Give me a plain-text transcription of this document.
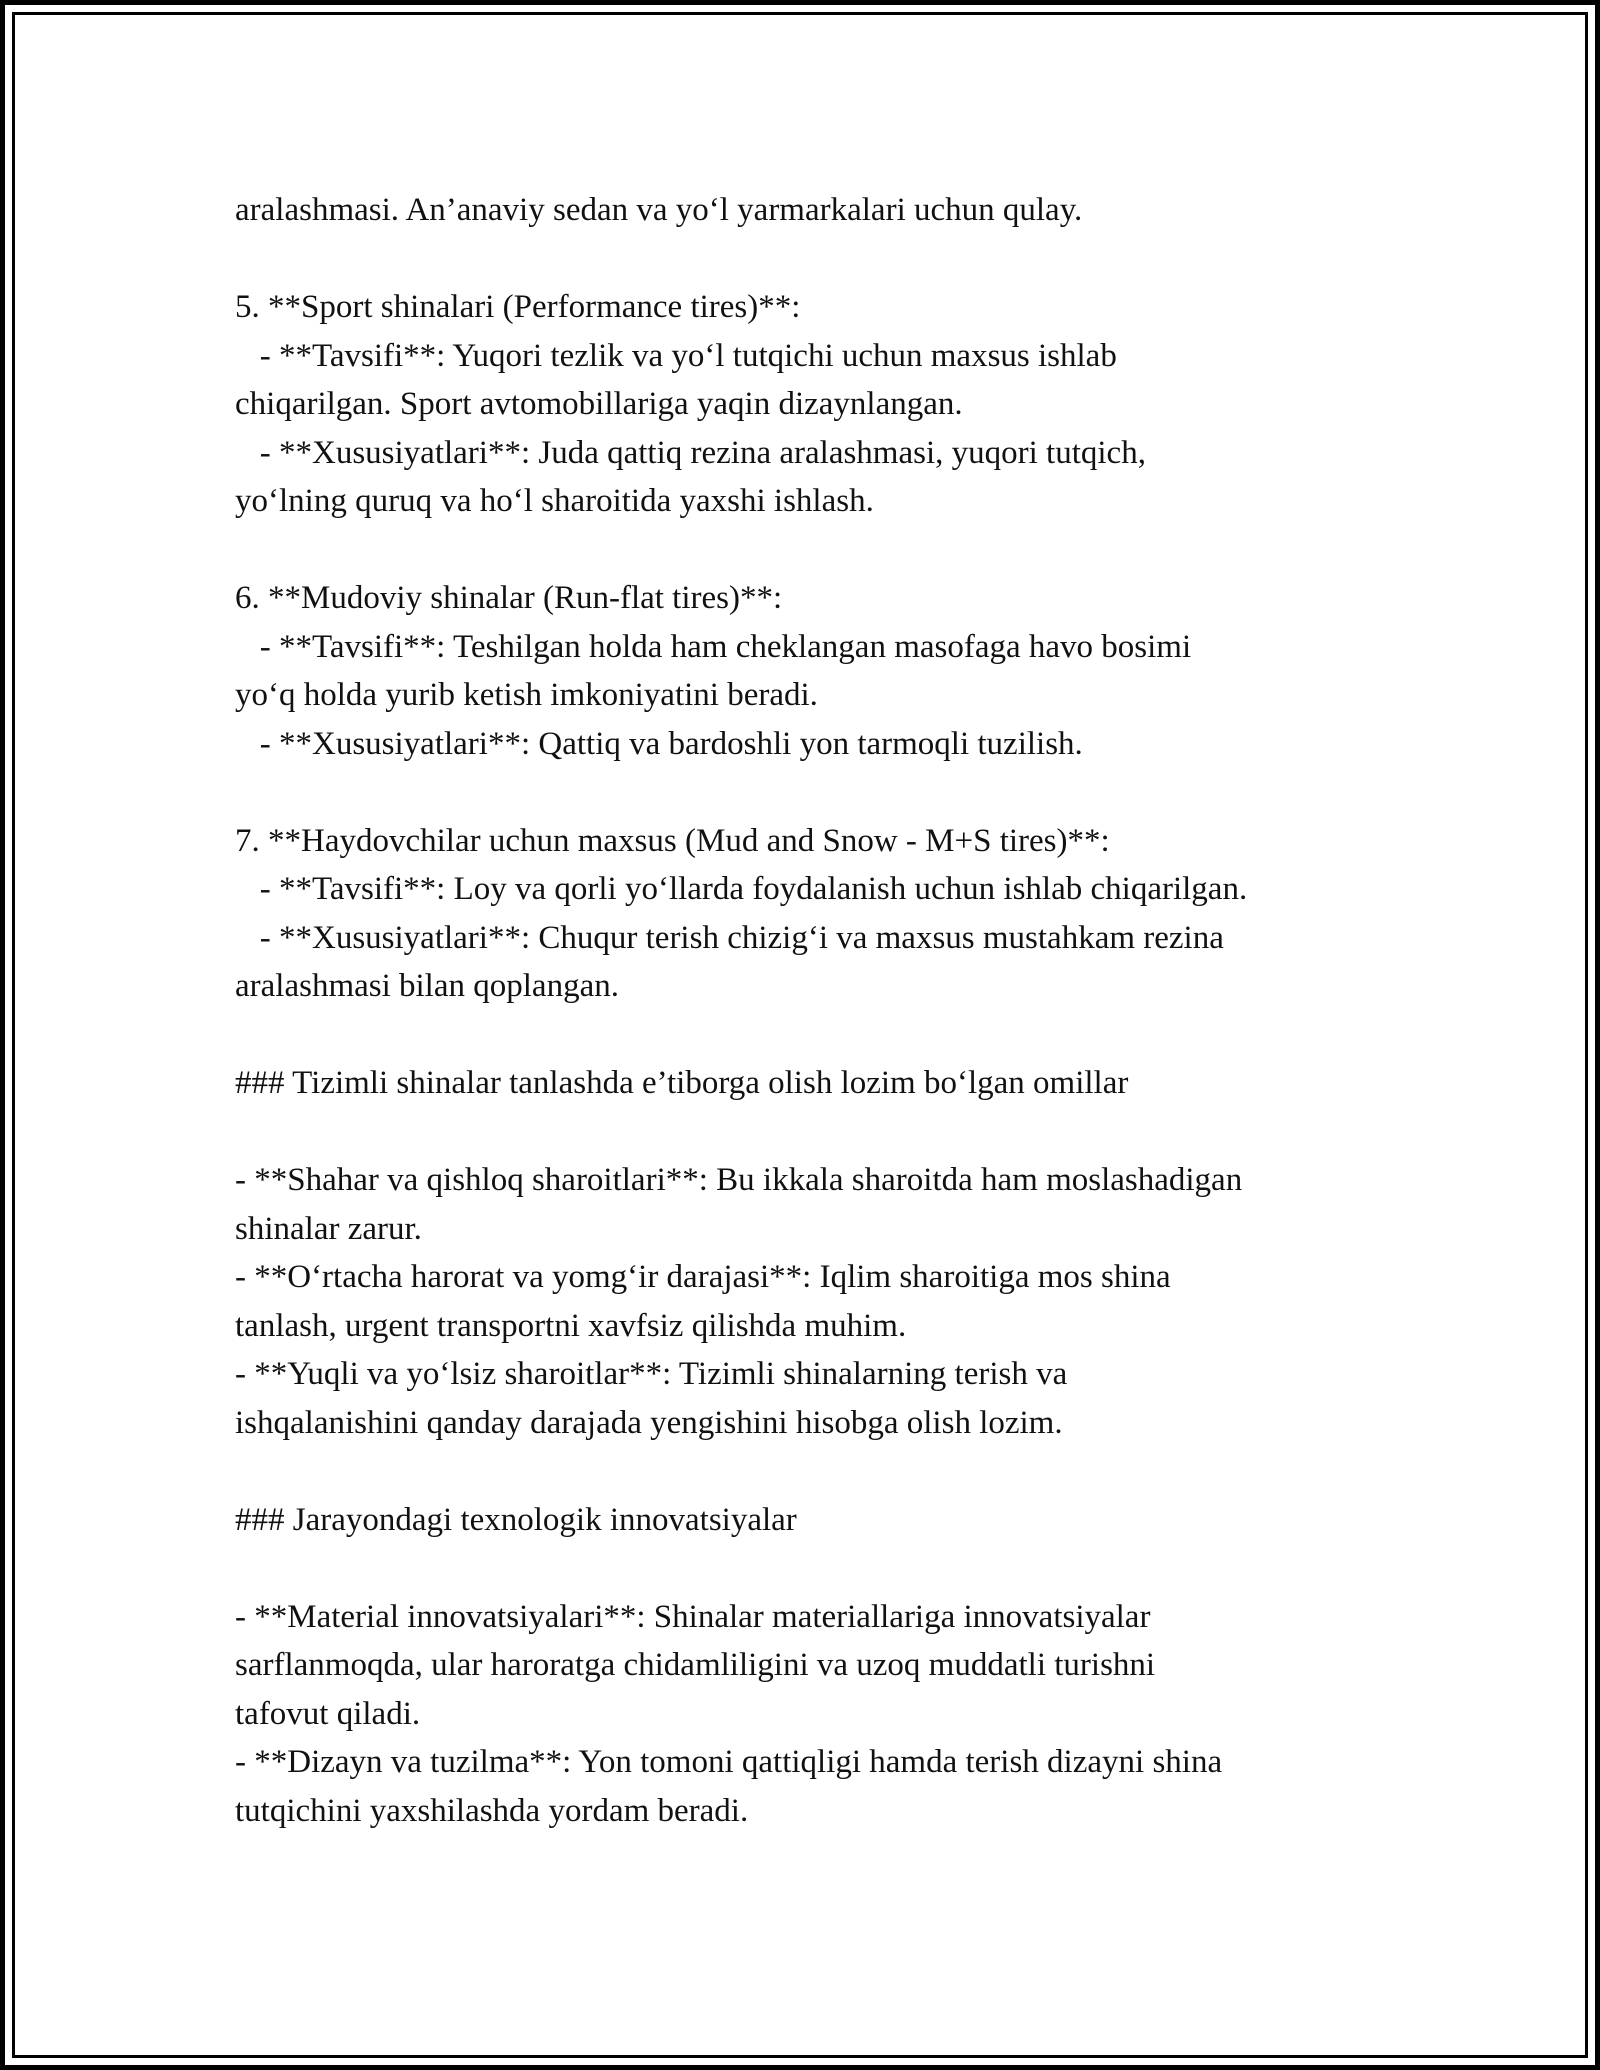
aralashmasi. An’anaviy sedan va yo‘l yarmarkalari uchun qulay.
5. **Sport shinalari (Performance tires)**:
- **Tavsifi**: Yuqori tezlik va yo‘l tutqichi uchun maxsus ishlab
chiqarilgan. Sport avtomobillariga yaqin dizaynlangan.
- **Xususiyatlari**: Juda qattiq rezina aralashmasi, yuqori tutqich,
yo‘lning quruq va ho‘l sharoitida yaxshi ishlash.
6. **Mudoviy shinalar (Run-flat tires)**:
- **Tavsifi**: Teshilgan holda ham cheklangan masofaga havo bosimi
yo‘q holda yurib ketish imkoniyatini beradi.
- **Xususiyatlari**: Qattiq va bardoshli yon tarmoqli tuzilish.
7. **Haydovchilar uchun maxsus (Mud and Snow - M+S tires)**:
- **Tavsifi**: Loy va qorli yo‘llarda foydalanish uchun ishlab chiqarilgan.
- **Xususiyatlari**: Chuqur terish chizig‘i va maxsus mustahkam rezina
aralashmasi bilan qoplangan.
### Tizimli shinalar tanlashda e’tiborga olish lozim bo‘lgan omillar
- **Shahar va qishloq sharoitlari**: Bu ikkala sharoitda ham moslashadigan
shinalar zarur.
- **O‘rtacha harorat va yomg‘ir darajasi**: Iqlim sharoitiga mos shina
tanlash, urgent transportni xavfsiz qilishda muhim.
- **Yuqli va yo‘lsiz sharoitlar**: Tizimli shinalarning terish va
ishqalanishini qanday darajada yengishini hisobga olish lozim.
### Jarayondagi texnologik innovatsiyalar
- **Material innovatsiyalari**: Shinalar materiallariga innovatsiyalar
sarflanmoqda, ular haroratga chidamliligini va uzoq muddatli turishni
tafovut qiladi.
- **Dizayn va tuzilma**: Yon tomoni qattiqligi hamda terish dizayni shina
tutqichini yaxshilashda yordam beradi.
